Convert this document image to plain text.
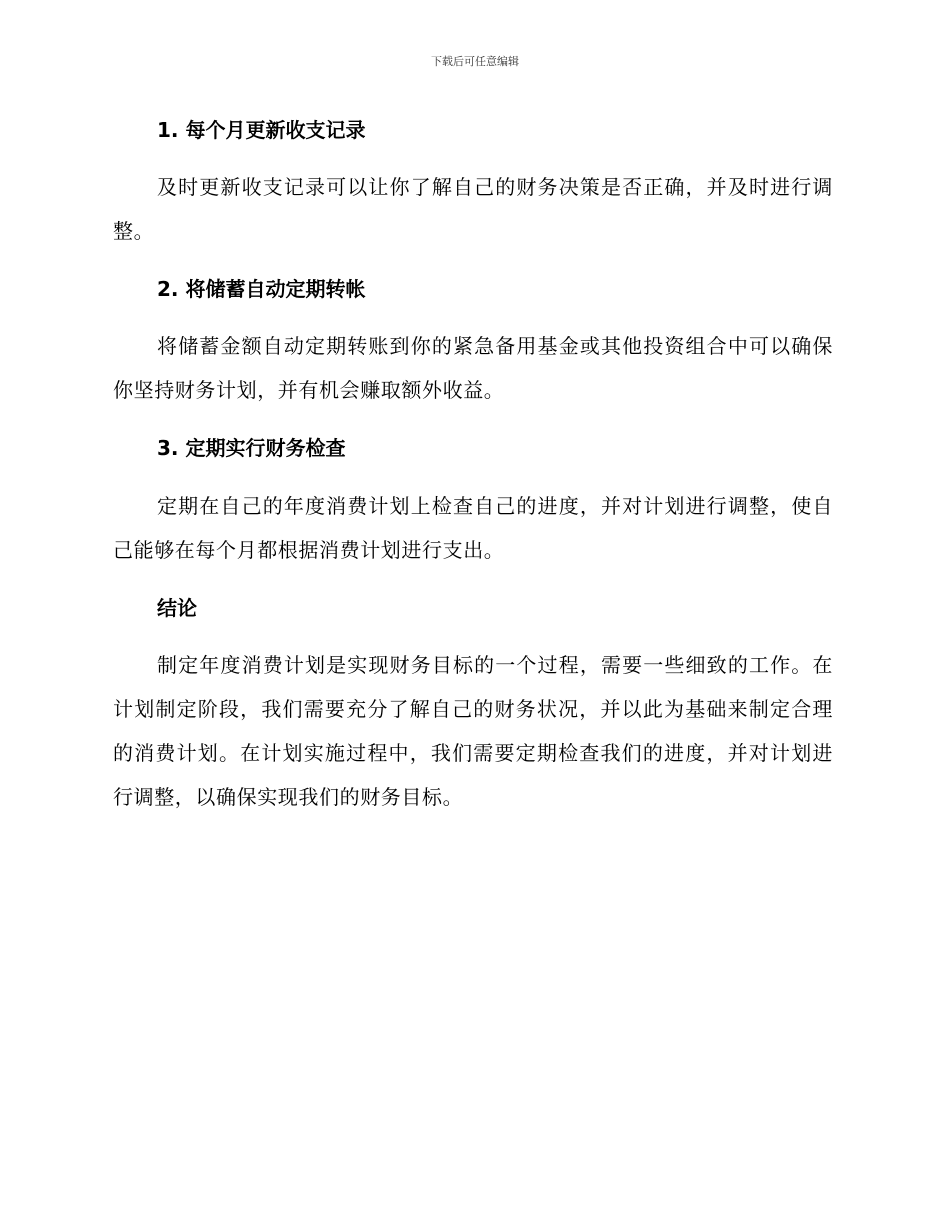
下载后可任意编辑
1. 每个月更新收支记录

及时更新收支记录可以让你了解自己的财务决策是否正确，并及时进行调整。

2. 将储蓄自动定期转帐

将储蓄金额自动定期转账到你的紧急备用基金或其他投资组合中可以确保你坚持财务计划，并有机会赚取额外收益。

3. 定期实行财务检查

定期在自己的年度消费计划上检查自己的进度，并对计划进行调整，使自己能够在每个月都根据消费计划进行支出。

结论

制定年度消费计划是实现财务目标的一个过程，需要一些细致的工作。在计划制定阶段，我们需要充分了解自己的财务状况，并以此为基础来制定合理的消费计划。在计划实施过程中，我们需要定期检查我们的进度，并对计划进行调整，以确保实现我们的财务目标。
